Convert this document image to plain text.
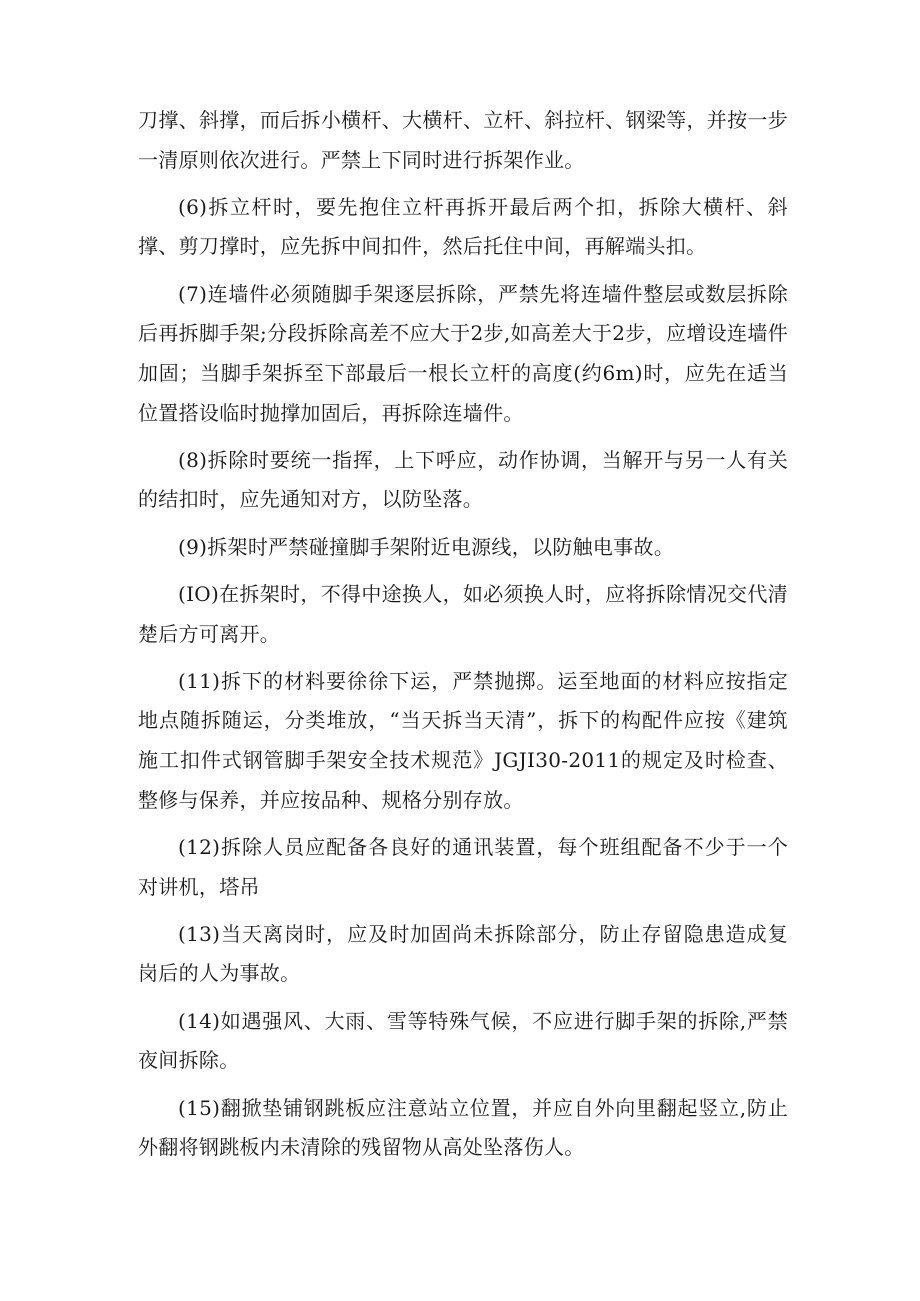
刀撑、斜撑，而后拆小横杆、大横杆、立杆、斜拉杆、钢梁等，并按一步一清原则依次进行。严禁上下同时进行拆架作业。

(6)拆立杆时，要先抱住立杆再拆开最后两个扣，拆除大横杆、斜撑、剪刀撑时，应先拆中间扣件，然后托住中间，再解端头扣。

(7)连墙件必须随脚手架逐层拆除，严禁先将连墙件整层或数层拆除后再拆脚手架;分段拆除高差不应大于2步,如高差大于2步，应增设连墙件加固；当脚手架拆至下部最后一根长立杆的高度(约6m)时，应先在适当位置搭设临时抛撑加固后，再拆除连墙件。

(8)拆除时要统一指挥，上下呼应，动作协调，当解开与另一人有关的结扣时，应先通知对方，以防坠落。

(9)拆架时严禁碰撞脚手架附近电源线，以防触电事故。

(IO)在拆架时，不得中途换人，如必须换人时，应将拆除情况交代清楚后方可离开。

(11)拆下的材料要徐徐下运，严禁抛掷。运至地面的材料应按指定地点随拆随运，分类堆放，“当天拆当天清”，拆下的构配件应按《建筑施工扣件式钢管脚手架安全技术规范》JGJI30-2011的规定及时检查、整修与保养，并应按品种、规格分别存放。

(12)拆除人员应配备各良好的通讯装置，每个班组配备不少于一个对讲机，塔吊

(13)当天离岗时，应及时加固尚未拆除部分，防止存留隐患造成复岗后的人为事故。

(14)如遇强风、大雨、雪等特殊气候，不应进行脚手架的拆除,严禁夜间拆除。

(15)翻掀垫铺钢跳板应注意站立位置，并应自外向里翻起竖立,防止外翻将钢跳板内未清除的残留物从高处坠落伤人。
